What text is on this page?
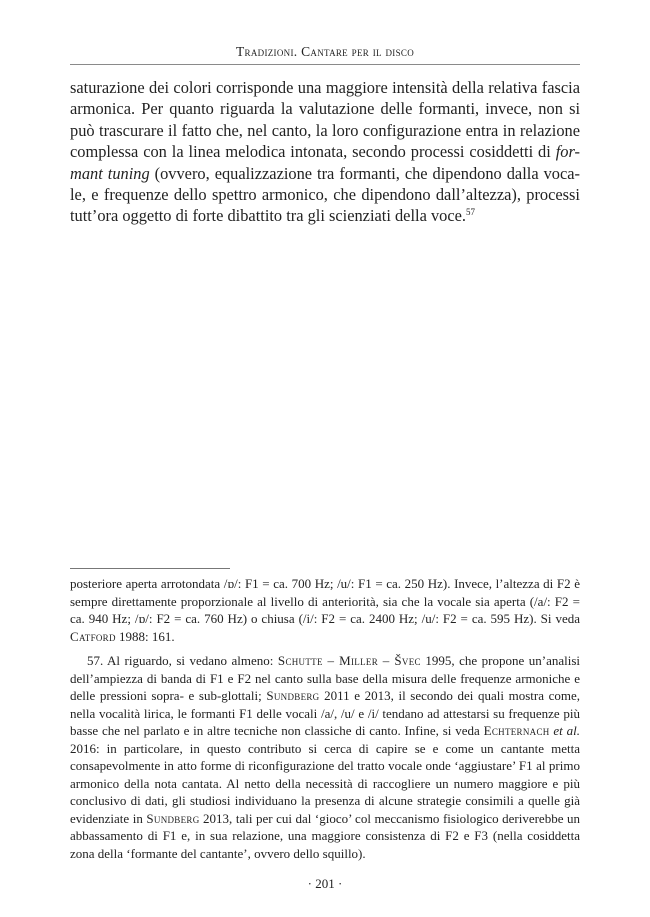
Tradizioni. Cantare per il disco

saturazione dei colori corrisponde una maggiore intensità della relativa fascia armonica. Per quanto riguarda la valutazione delle formanti, invece, non si può trascurare il fatto che, nel canto, la loro configurazione entra in relazione complessa con la linea melodica intonata, secondo processi cosiddetti di for-mant tuning (ovvero, equalizzazione tra formanti, che dipendono dalla voca- le, e frequenze dello spettro armonico, che dipendono dall’altezza), processi tutt’ora oggetto di forte dibattito tra gli scienziati della voce.$^{57}$

posteriore aperta arrotondata /ɒ/: F1 = ca. 700 Hz; /u/: F1 = ca. 250 Hz). Invece, l’altezza di F2 è sempre direttamente proporzionale al livello di anteriorità, sia che la vocale sia aperta (/a/: F2 = ca. 940 Hz; /ɒ/: F2 = ca. 760 Hz) o chiusa (/i/: F2 = ca. 2400 Hz; /u/: F2 = ca. 595 Hz). Si veda Catford 1988: 161.

57. Al riguardo, si vedano almeno: Schutte – Miller – Švec 1995, che propone un’analisi dell’ampiezza di banda di F1 e F2 nel canto sulla base della misura delle frequenze armoniche e delle pressioni sopra- e sub-glottali; Sundberg 2011 e 2013, il secondo dei quali mostra come, nella vocalità lirica, le formanti F1 delle vocali /a/, /u/ e /i/ tendano ad attestarsi su frequenze più basse che nel parlato e in altre tecniche non classiche di canto. Infine, si veda Echternach et al. 2016: in particolare, in questo contributo si cerca di capire se e come un cantante metta consapevolmente in atto forme di riconfigurazione del tratto vocale onde ‘aggiustare’ F1 al primo armonico della nota cantata. Al netto della necessità di raccogliere un numero maggiore e più conclusivo di dati, gli studiosi individuano la presenza di alcune strategie consimili a quelle già evidenziate in Sundberg 2013, tali per cui dal ‘gioco’ col meccanismo fisiologico deriverebbe un abbassamento di F1 e, in sua relazione, una maggiore consistenza di F2 e F3 (nella cosiddetta zona della ‘formante del cantante’, ovvero dello squillo).

· 201 ·
